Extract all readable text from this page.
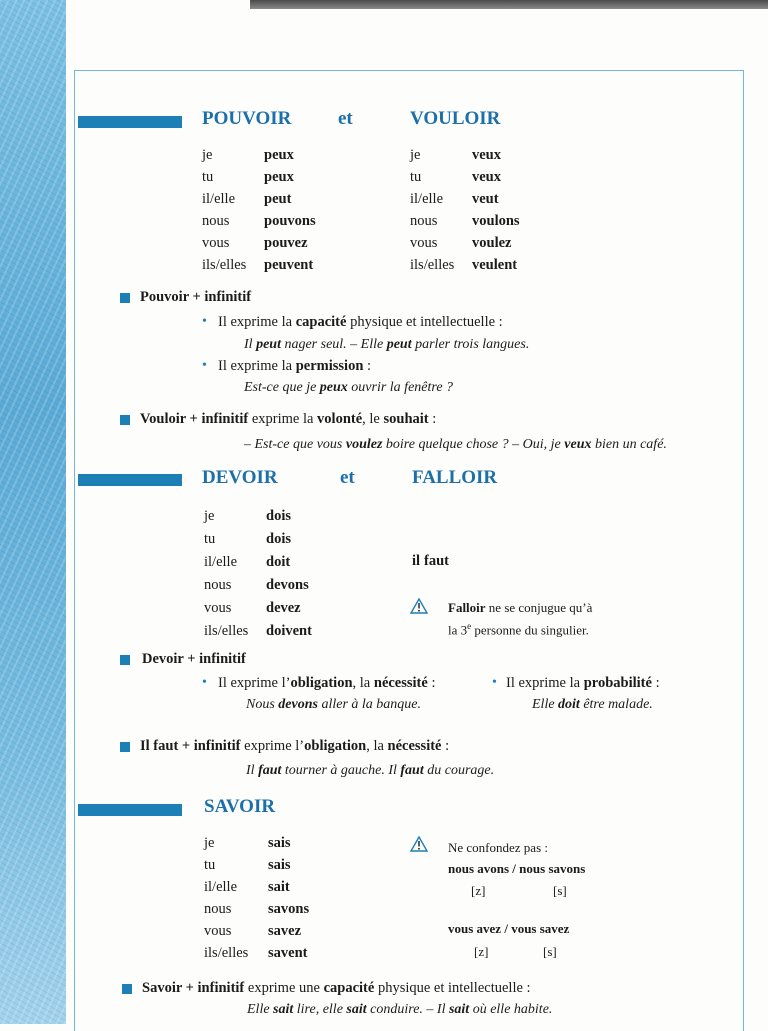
POUVOIR et	VOULOIR
je	peux
tu	peux
il/elle peut
nous pouvons
vous pouvez
ils/elles peuvent
je	veux
tu	veux
il/elle veut
nous voulons
vous voulez
ils/elles veulent
Pouvoir + infinitif
• Il exprime la capacité physique et intellectuelle :
Il peut nager seul. – Elle peut parler trois langues.
• Il exprime la permission :
Est-ce que je peux ouvrir la fenêtre ?
Vouloir + infinitif exprime la volonté, le souhait :
– Est-ce que vous voulez boire quelque chose ? – Oui, je veux bien un café.
DEVOIR	et	FALLOIR
je	dois
tu	dois
il/elle doit
nous devons
vous devez
ils/elles doivent
il faut
Falloir ne se conjugue qu’à
la 3e personne du singulier.
Devoir + infinitif
• Il exprime l’obligation, la nécessité :
Nous devons aller à la banque.
• Il exprime la probabilité :
Elle doit être malade.
Il faut + infinitif exprime l’obligation, la nécessité :
Il faut tourner à gauche. Il faut du courage.
SAVOIR
je	sais
tu	sais
il/elle sait
nous	savons
vous	savez
ils/elles savent
Ne confondez pas :
nous avons / nous savons
[z]	[s]
vous avez / vous savez
[z]	[s]
Savoir + infinitif exprime une capacité physique et intellectuelle :
Elle sait lire, elle sait conduire. – Il sait où elle habite.
